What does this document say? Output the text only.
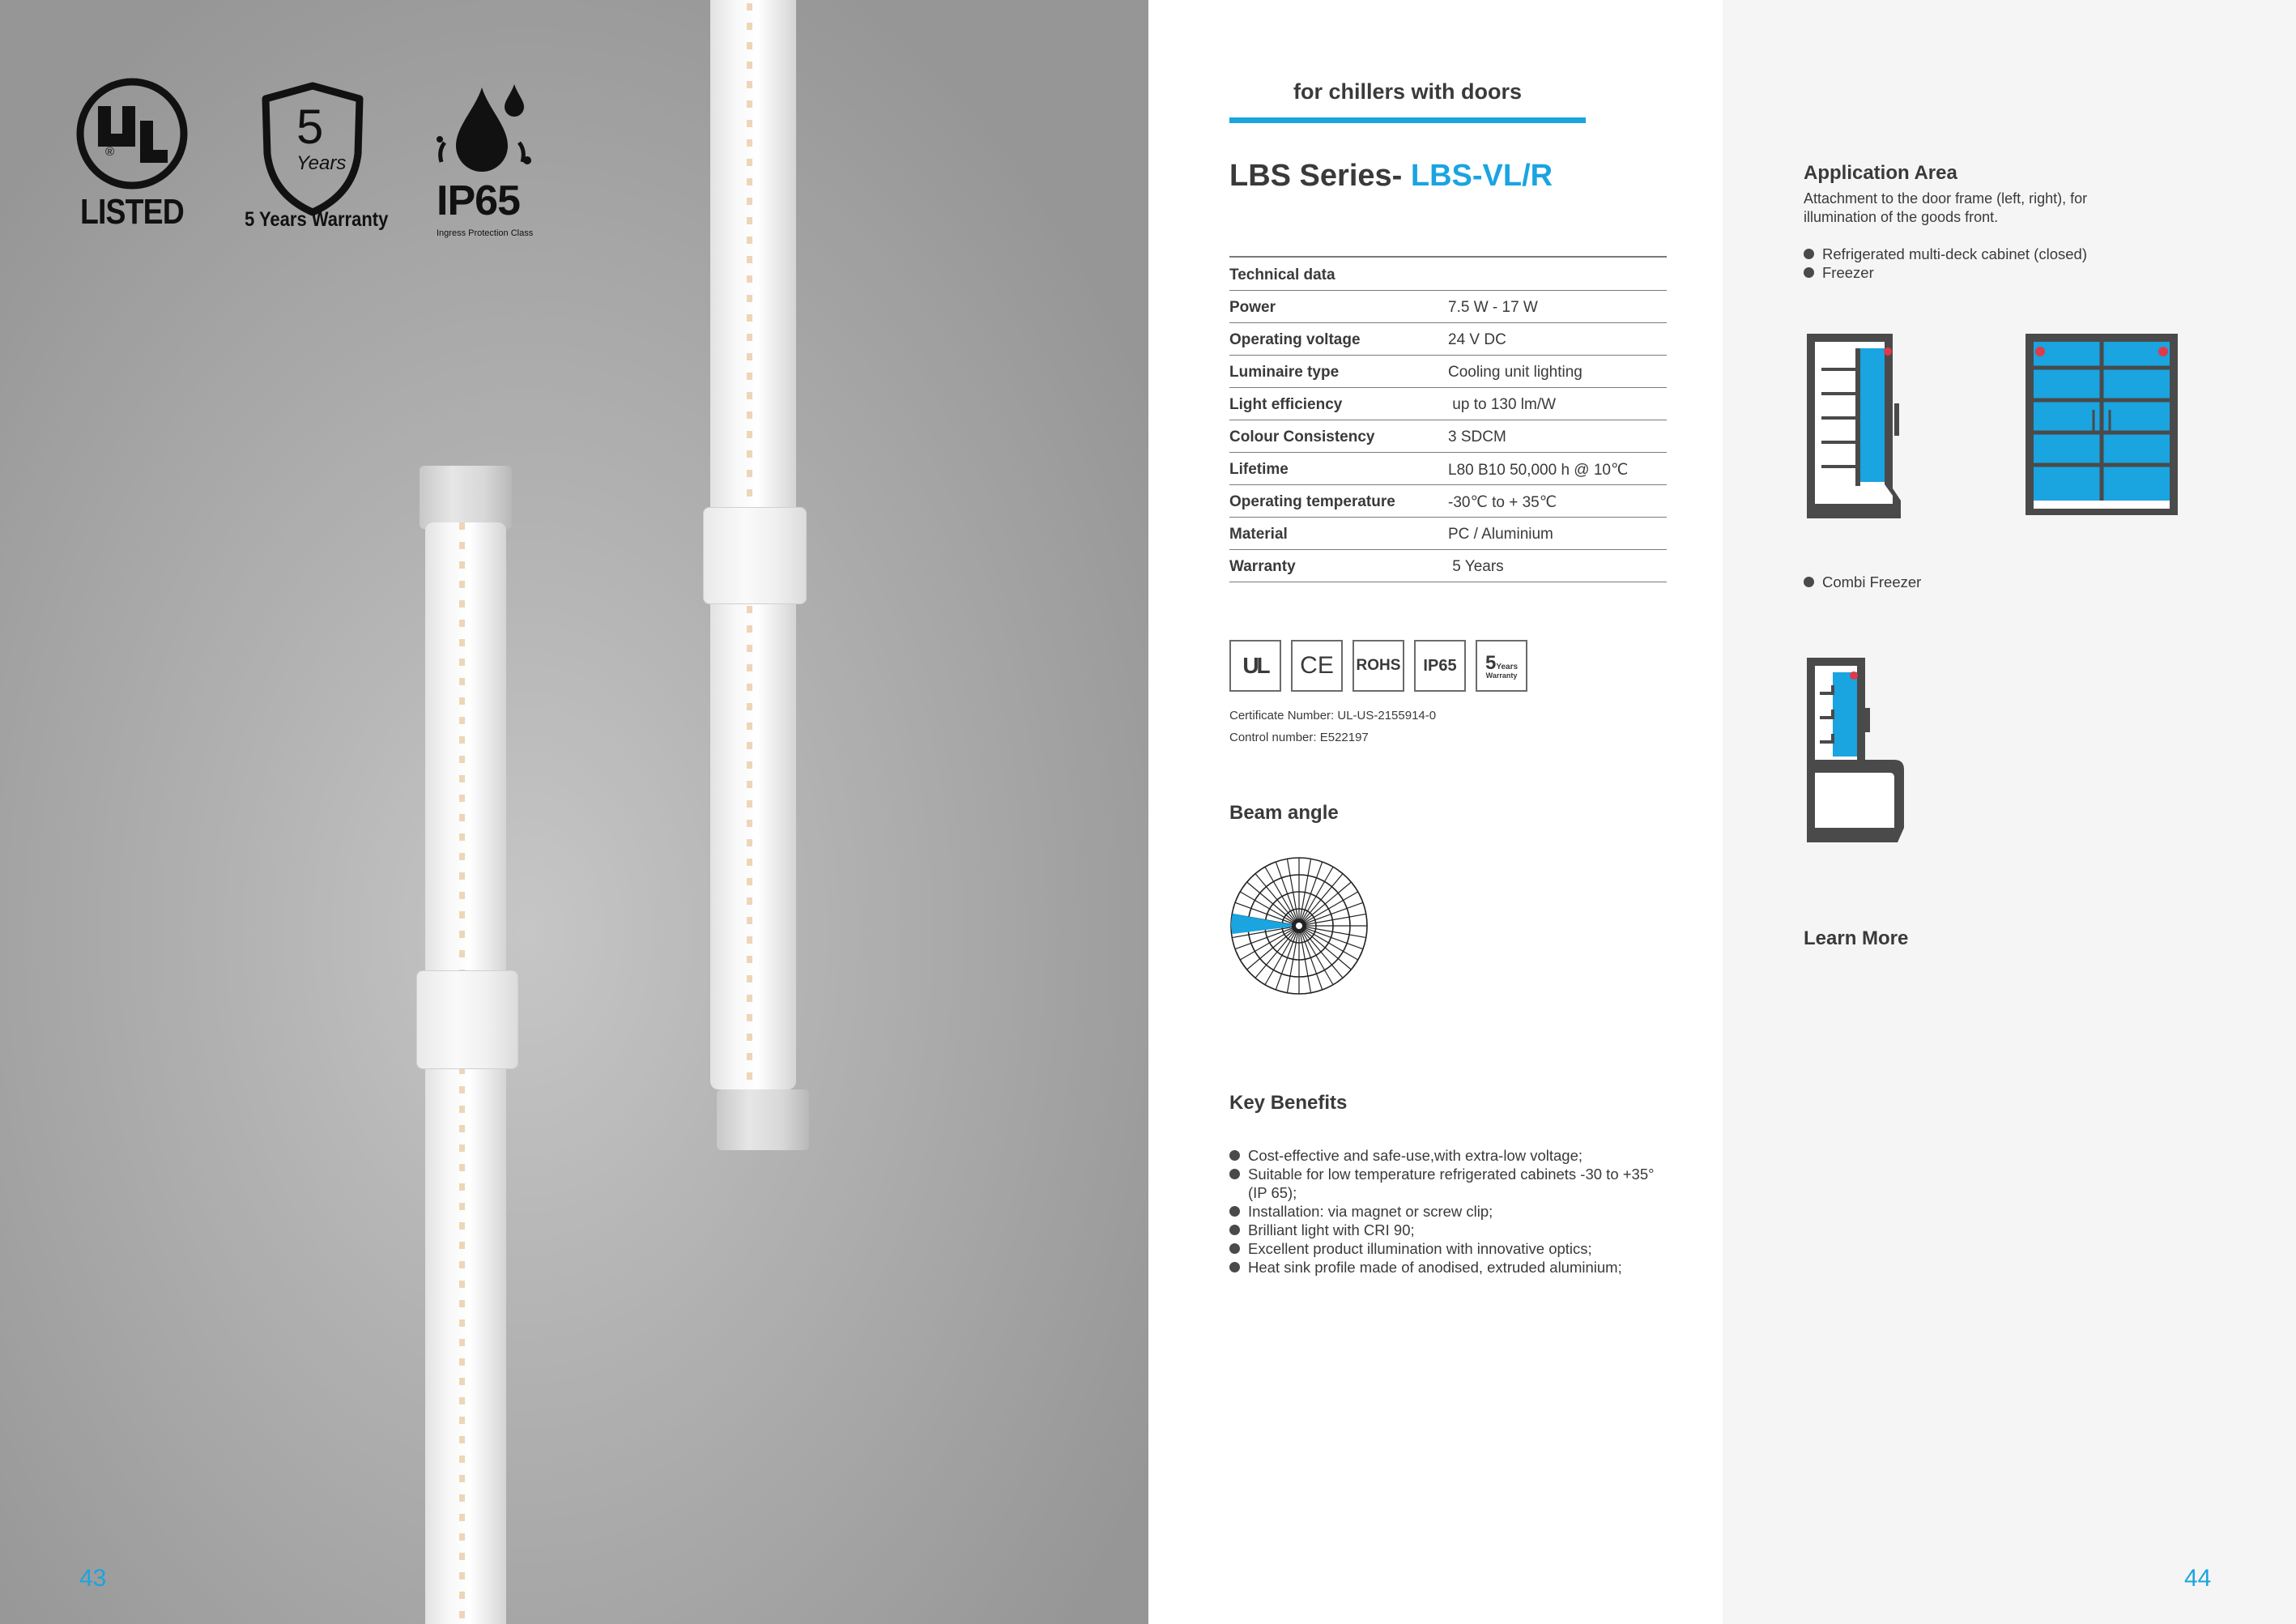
®
LISTED
5
Years
5 Years Warranty IP65
Ingress Protection Class
43
for chillers with doors
LBS Series- LBS-VL/R
Technical data
Power	7.5 W - 17 W
Operating voltage	24 V DC
Luminaire type	Cooling unit lighting
Light efficiency	up to 130 lm/W
Colour Consistency	3 SDCM
Lifetime	L80 B10 50,000 h @ 10℃
Operating temperature	-30℃ to + 35℃
Material	PC / Aluminium
Warranty	5 Years
UL CE ROHS IP65 5 Years
Warranty
Certificate Number: UL-US-2155914-0
Control number: E522197
Beam angle
Key Benefits
Cost-effective and safe-use,with extra-low voltage;
Suitable for low temperature refrigerated cabinets -30 to +35°
(IP 65);
Installation: via magnet or screw clip;
Brilliant light with CRI 90;
Excellent product illumination with innovative optics;
Heat sink profile made of anodised, extruded aluminium;
Application Area
Attachment to the door frame (left, right), for
illumination of the goods front.
Refrigerated multi-deck cabinet (closed)
Freezer
Combi Freezer
Learn More
44
